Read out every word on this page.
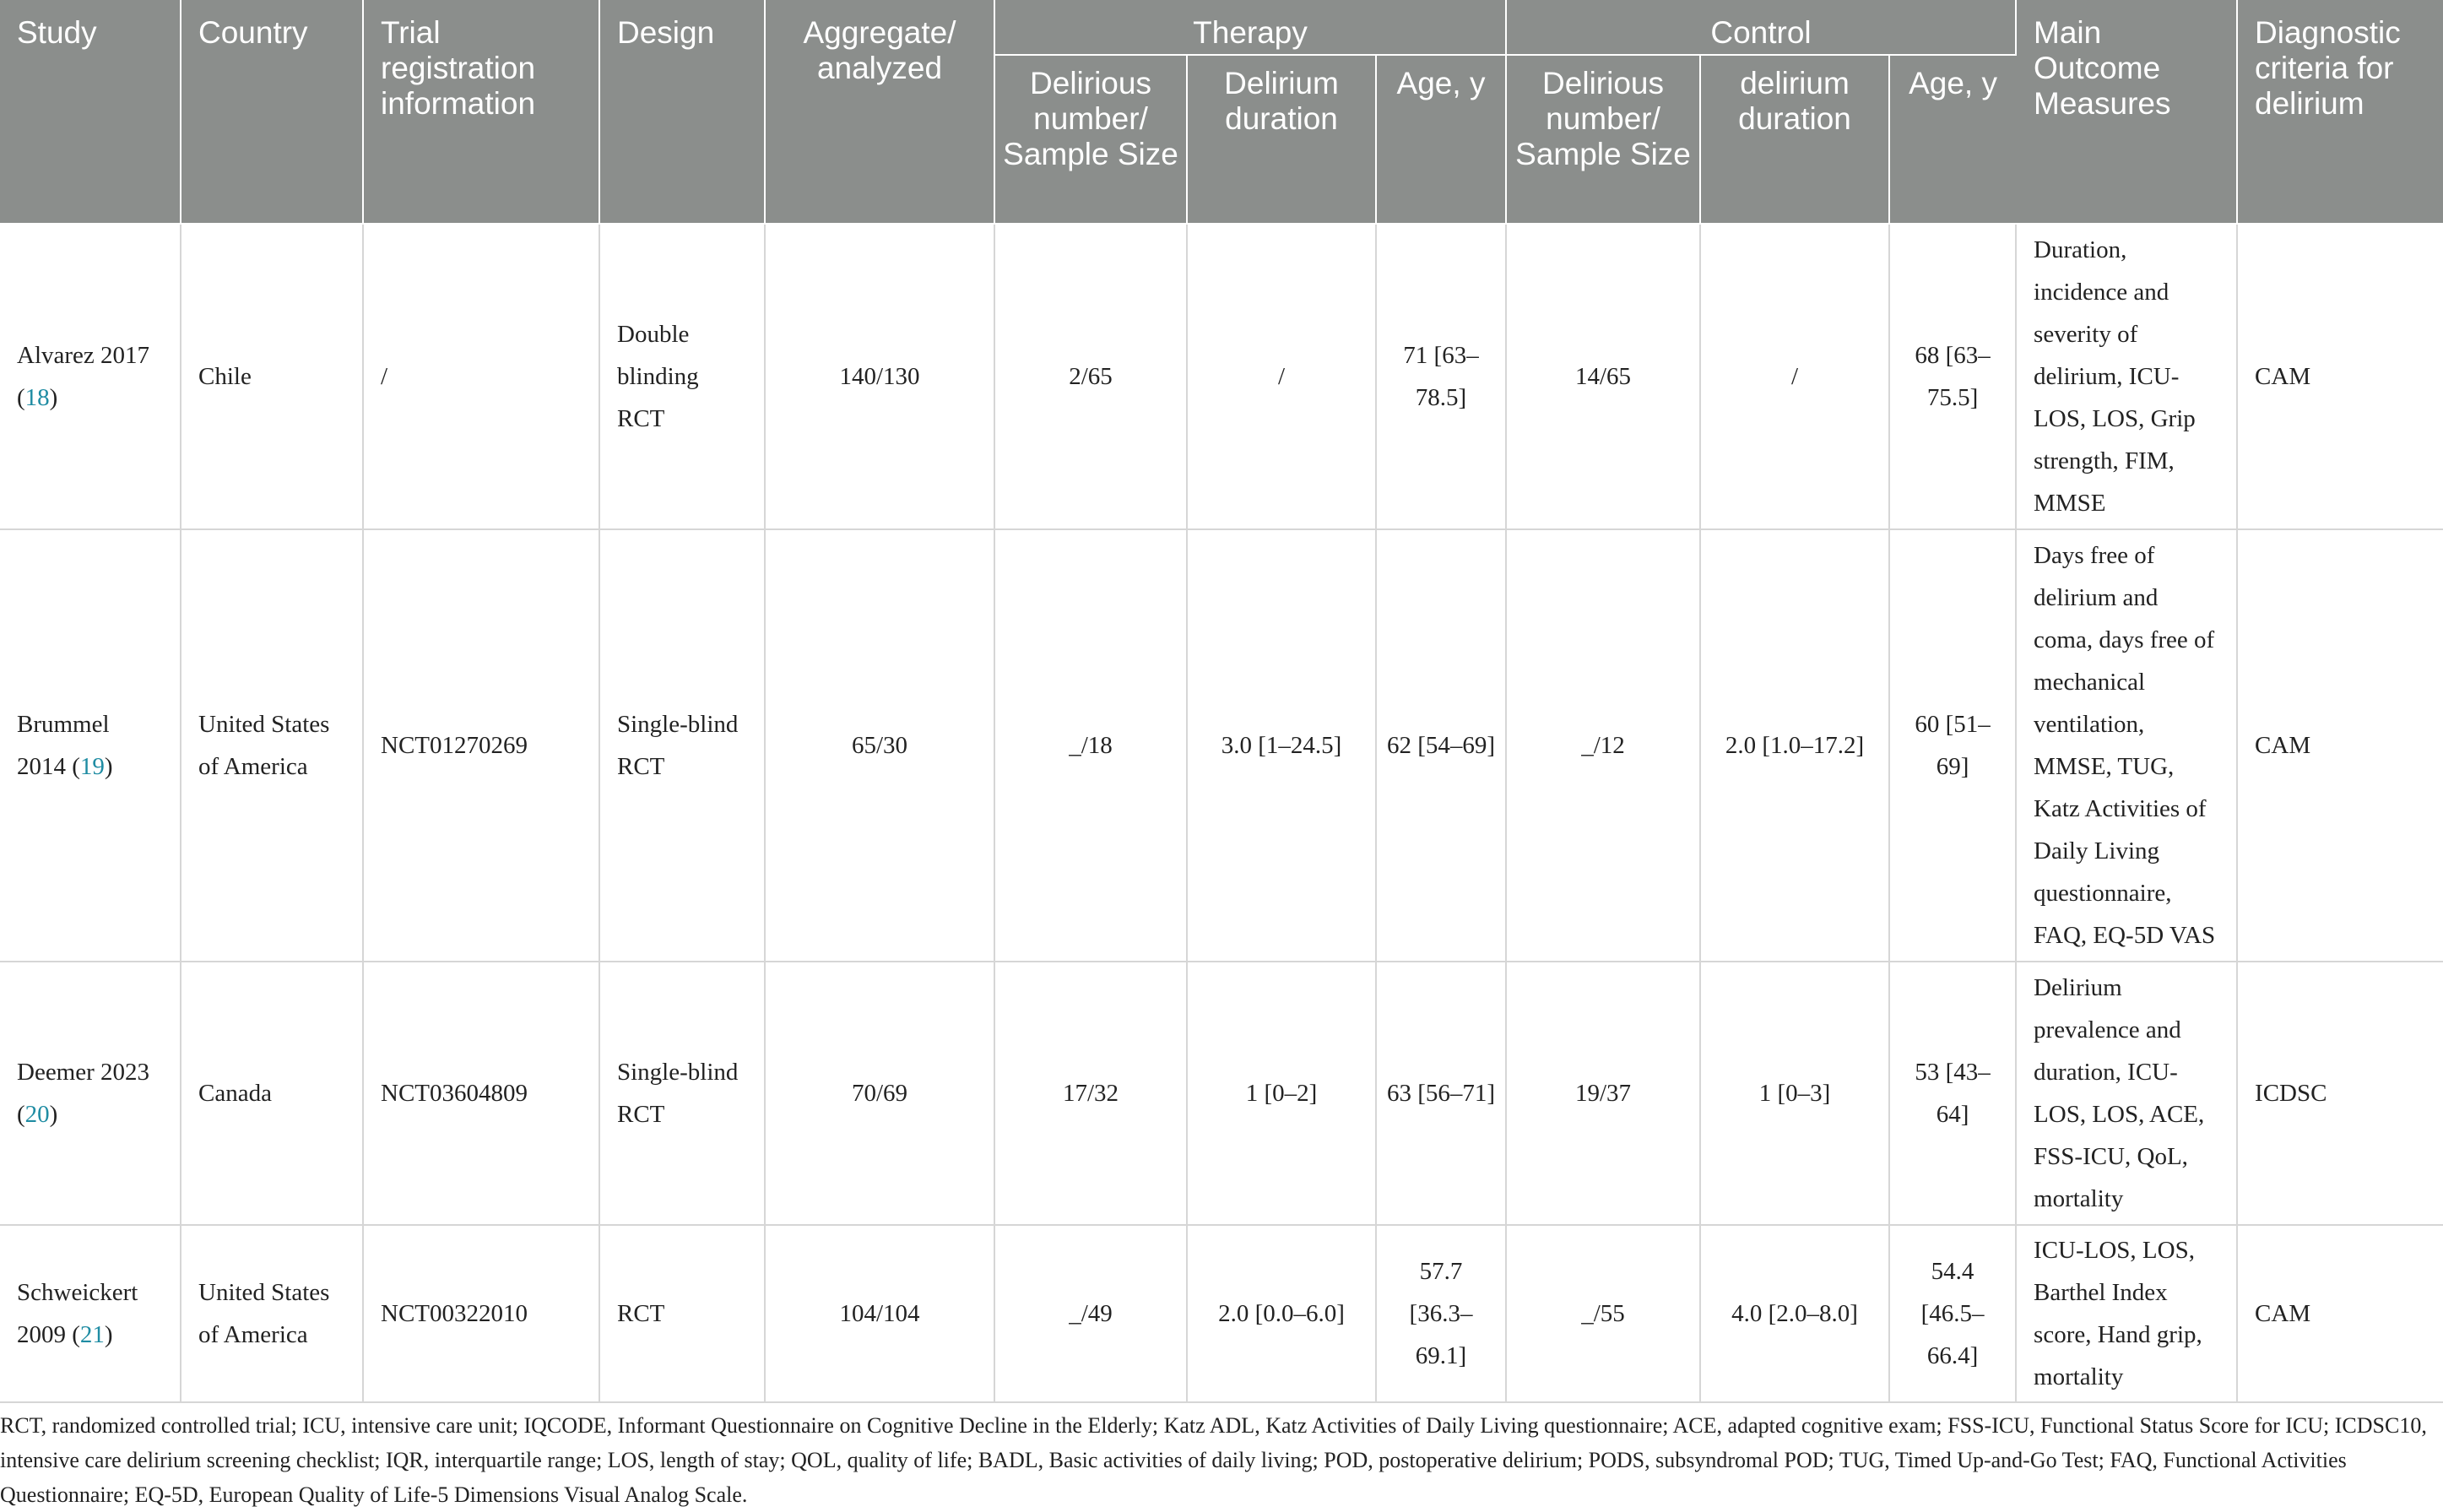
Study	Country	Trial registration information	Design	Aggregate/ analyzed	Therapy			Control			Main Outcome Measures	Diagnostic criteria for delirium
					Delirious number/ Sample Size	Delirium duration	Age, y	Delirious number/ Sample Size	delirium duration	Age, y		
Alvarez 2017 (18)	Chile	/	Double blinding RCT	140/130	2/65	/	71 [63–78.5]	14/65	/	68 [63–75.5]	Duration, incidence and severity of delirium, ICU-LOS, LOS, Grip strength, FIM, MMSE	CAM
Brummel 2014 (19)	United States of America	NCT01270269	Single-blind RCT	65/30	_/18	3.0 [1–24.5]	62 [54–69]	_/12	2.0 [1.0–17.2]	60 [51–69]	Days free of delirium and coma, days free of mechanical ventilation, MMSE, TUG, Katz Activities of Daily Living questionnaire, FAQ, EQ-5D VAS	CAM
Deemer 2023 (20)	Canada	NCT03604809	Single-blind RCT	70/69	17/32	1 [0–2]	63 [56–71]	19/37	1 [0–3]	53 [43–64]	Delirium prevalence and duration, ICU-LOS, LOS, ACE, FSS-ICU, QoL, mortality	ICDSC
Schweickert 2009 (21)	United States of America	NCT00322010	RCT	104/104	_/49	2.0 [0.0–6.0]	57.7 [36.3–69.1]	_/55	4.0 [2.0–8.0]	54.4 [46.5–66.4]	ICU-LOS, LOS, Barthel Index score, Hand grip, mortality	CAM
RCT, randomized controlled trial; ICU, intensive care unit; IQCODE, Informant Questionnaire on Cognitive Decline in the Elderly; Katz ADL, Katz Activities of Daily Living questionnaire; ACE, adapted cognitive exam; FSS-ICU, Functional Status Score for ICU; ICDSC10, intensive care delirium screening checklist; IQR, interquartile range; LOS, length of stay; QOL, quality of life; BADL, Basic activities of daily living; POD, postoperative delirium; PODS, subsyndromal POD; TUG, Timed Up-and-Go Test; FAQ, Functional Activities Questionnaire; EQ-5D, European Quality of Life-5 Dimensions Visual Analog Scale.
